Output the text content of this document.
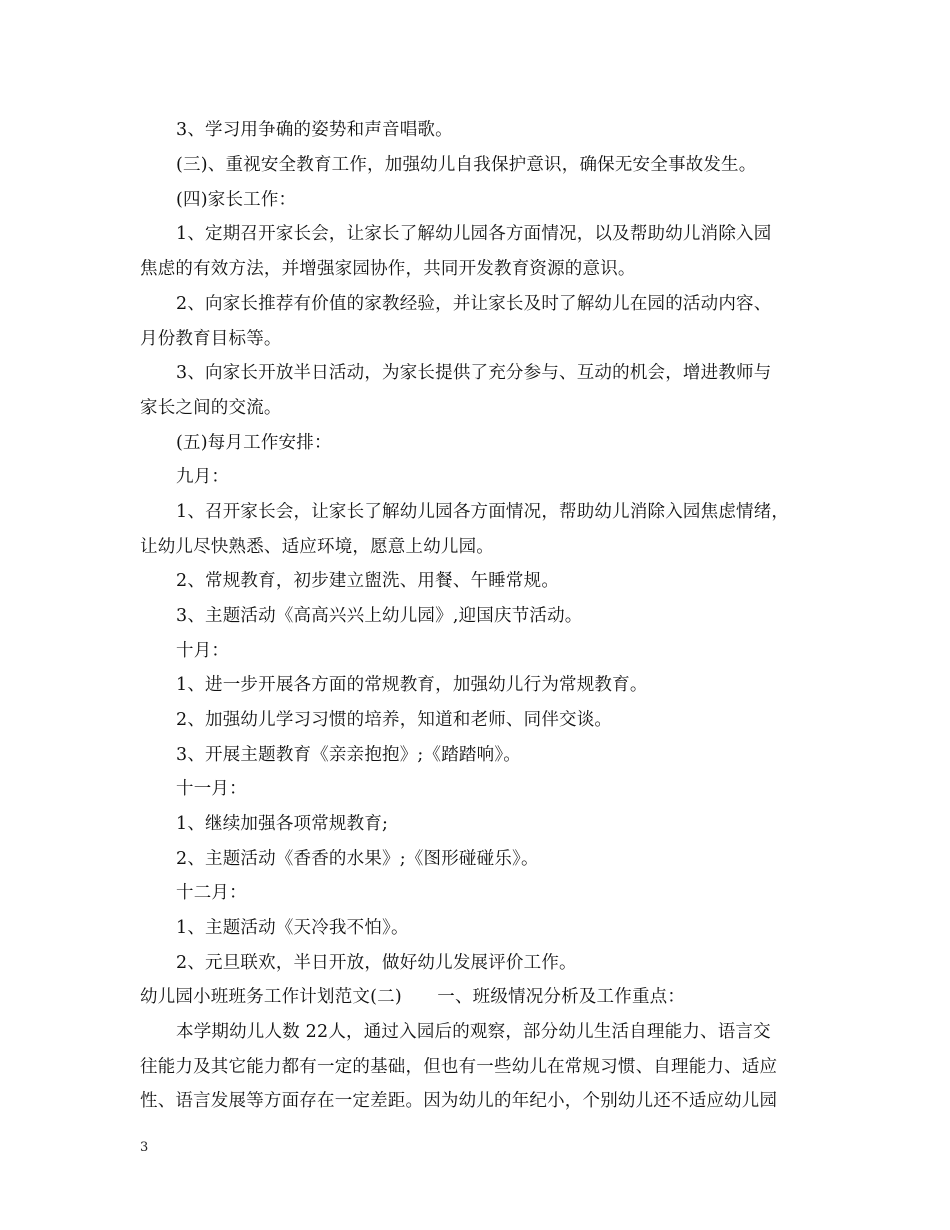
3、学习用争确的姿势和声音唱歌。
(三)、重视安全教育工作，加强幼儿自我保护意识，确保无安全事故发生。
(四)家长工作：
1、定期召开家长会，让家长了解幼儿园各方面情况，以及帮助幼儿消除入园
焦虑的有效方法，并增强家园协作，共同开发教育资源的意识。
2、向家长推荐有价值的家教经验，并让家长及时了解幼儿在园的活动内容、
月份教育目标等。
3、向家长开放半日活动，为家长提供了充分参与、互动的机会，增进教师与
家长之间的交流。
(五)每月工作安排：
九月：
1、召开家长会，让家长了解幼儿园各方面情况，帮助幼儿消除入园焦虑情绪，
让幼儿尽快熟悉、适应环境，愿意上幼儿园。
2、常规教育，初步建立盥洗、用餐、午睡常规。
3、主题活动《高高兴兴上幼儿园》,迎国庆节活动。
十月：
1、进一步开展各方面的常规教育，加强幼儿行为常规教育。
2、加强幼儿学习习惯的培养，知道和老师、同伴交谈。
3、开展主题教育《亲亲抱抱》;《踏踏响》。
十一月：
1、继续加强各项常规教育;
2、主题活动《香香的水果》;《图形碰碰乐》。
十二月：
1、主题活动《天冷我不怕》。
2、元旦联欢，半日开放，做好幼儿发展评价工作。
幼儿园小班班务工作计划范文(二)　　一、班级情况分析及工作重点：
本学期幼儿人数 22人，通过入园后的观察，部分幼儿生活自理能力、语言交
往能力及其它能力都有一定的基础，但也有一些幼儿在常规习惯、自理能力、适应
性、语言发展等方面存在一定差距。因为幼儿的年纪小，个别幼儿还不适应幼儿园
3
